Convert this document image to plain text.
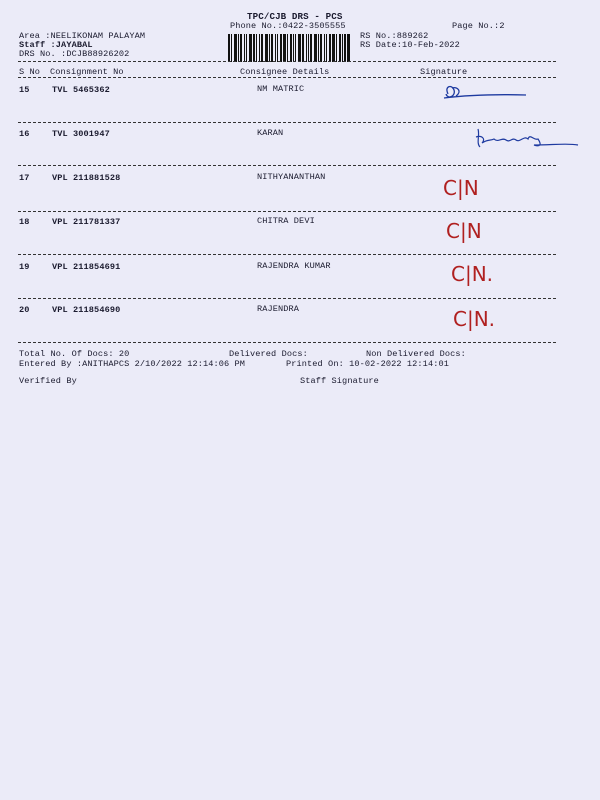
TPC/CJB DRS - PCS
Phone No.:0422-3505555	Page No.:2
Area :NEELIKONAM PALAYAM
Staff :JAYABAL
DRS No. :DCJB88926202
RS No.:889262
RS Date:10-Feb-2022
S No Consignment No	Consignee Details	Signature
15	TVL 5465362	NM MATRIC
16	TVL 3001947	KARAN
17	VPL 211881528	NITHYANANTHAN	C|N
18	VPL 211781337	CHITRA DEVI	C|N
19	VPL 211854691	RAJENDRA KUMAR	C|N.
20	VPL 211854690	RAJENDRA	C|N.
Total No. Of Docs: 20	Delivered Docs:	Non Delivered Docs:
Entered By :ANITHAPCS 2/10/2022 12:14:06 PM	Printed On: 10-02-2022 12:14:01
Verified By	Staff Signature
